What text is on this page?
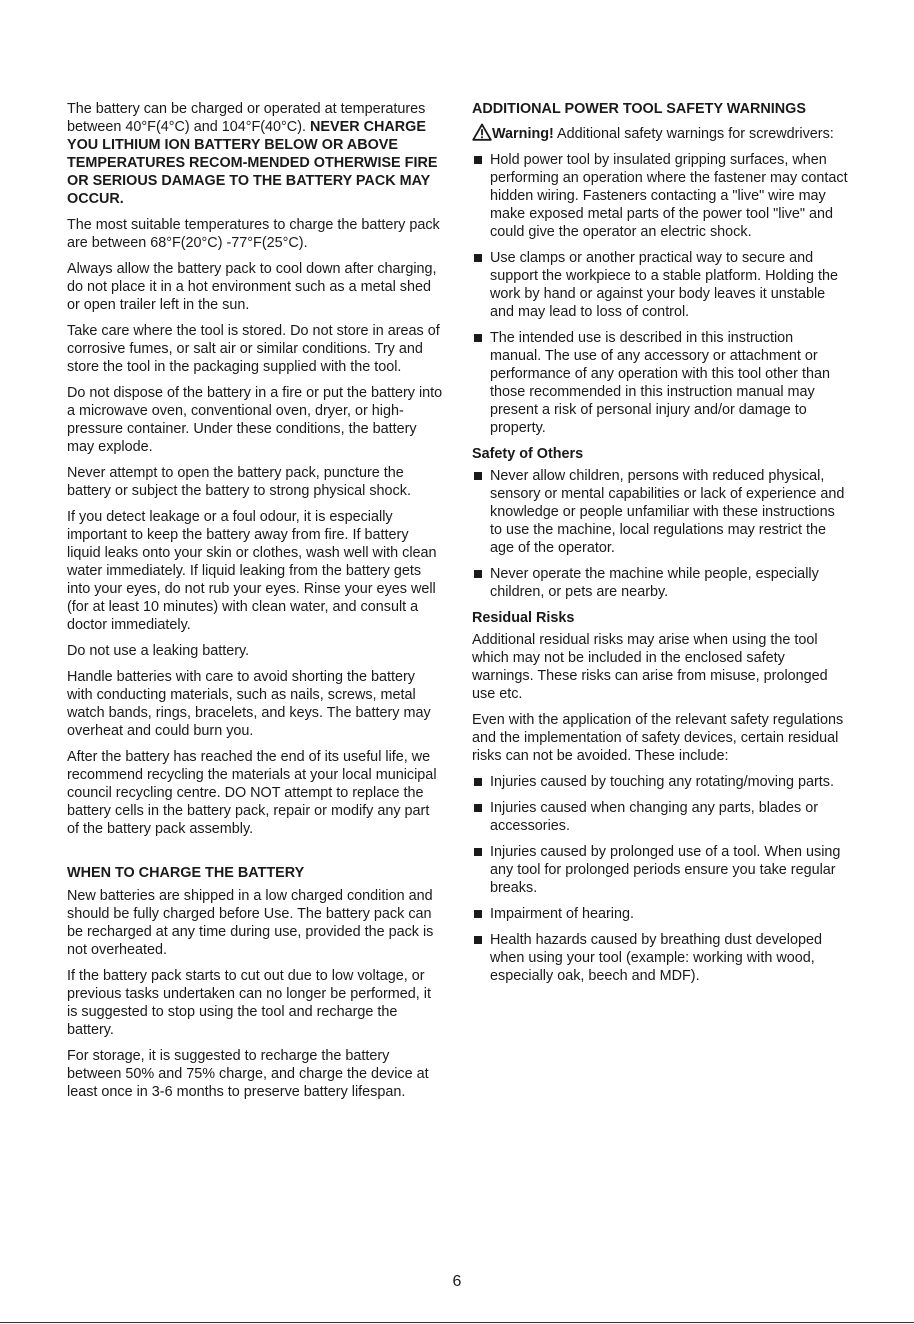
The battery can be charged or operated at temperatures between 40°F(4°C) and 104°F(40°C). NEVER CHARGE YOU LITHIUM ION BATTERY BELOW OR ABOVE TEMPERATURES RECOM-MENDED OTHERWISE FIRE OR SERIOUS DAMAGE TO THE BATTERY PACK MAY OCCUR.

The most suitable temperatures to charge the battery pack are between 68°F(20°C) -77°F(25°C).

Always allow the battery pack to cool down after charging, do not place it in a hot environment such as a metal shed or open trailer left in the sun.

Take care where the tool is stored. Do not store in areas of corrosive fumes, or salt air or similar conditions. Try and store the tool in the packaging supplied with the tool.

Do not dispose of the battery in a fire or put the battery into a microwave oven, conventional oven, dryer, or high-pressure container. Under these conditions, the battery may explode.

Never attempt to open the battery pack, puncture the battery or subject the battery to strong physical shock.

If you detect leakage or a foul odour, it is especially important to keep the battery away from fire. If battery liquid leaks onto your skin or clothes, wash well with clean water immediately. If liquid leaking from the battery gets into your eyes, do not rub your eyes. Rinse your eyes well (for at least 10 minutes) with clean water, and consult a doctor immediately.

Do not use a leaking battery.

Handle batteries with care to avoid shorting the battery with conducting materials, such as nails, screws, metal watch bands, rings, bracelets, and keys. The battery may overheat and could burn you.

After the battery has reached the end of its useful life, we recommend recycling the materials at your local municipal council recycling centre. DO NOT attempt to replace the battery cells in the battery pack, repair or modify any part of the battery pack assembly.

WHEN TO CHARGE THE BATTERY

New batteries are shipped in a low charged condition and should be fully charged before Use. The battery pack can be recharged at any time during use, provided the pack is not overheated.

If the battery pack starts to cut out due to low voltage, or previous tasks undertaken can no longer be performed, it is suggested to stop using the tool and recharge the battery.

For storage, it is suggested to recharge the battery between 50% and 75% charge, and charge the device at least once in 3-6 months to preserve battery lifespan.

ADDITIONAL POWER TOOL SAFETY WARNINGS

Warning! Additional safety warnings for screwdrivers:

Hold power tool by insulated gripping surfaces, when performing an operation where the fastener may contact hidden wiring. Fasteners contacting a "live" wire may make exposed metal parts of the power tool "live" and could give the operator an electric shock.
Use clamps or another practical way to secure and support the workpiece to a stable platform. Holding the work by hand or against your body leaves it unstable and may lead to loss of control.
The intended use is described in this instruction manual. The use of any accessory or attachment or performance of any operation with this tool other than those recommended in this instruction manual may present a risk of personal injury and/or damage to property.
Safety of Others
Never allow children, persons with reduced physical, sensory or mental capabilities or lack of experience and knowledge or people unfamiliar with these instructions to use the machine, local regulations may restrict the age of the operator.
Never operate the machine while people, especially children, or pets are nearby.
Residual Risks

Additional residual risks may arise when using the tool which may not be included in the enclosed safety warnings. These risks can arise from misuse, prolonged use etc.

Even with the application of the relevant safety regulations and the implementation of safety devices, certain residual risks can not be avoided. These include:

Injuries caused by touching any rotating/moving parts.
Injuries caused when changing any parts, blades or accessories.
Injuries caused by prolonged use of a tool. When using any tool for prolonged periods ensure you take regular breaks.
Impairment of hearing.
Health hazards caused by breathing dust developed when using your tool (example: working with wood, especially oak, beech and MDF).
6
